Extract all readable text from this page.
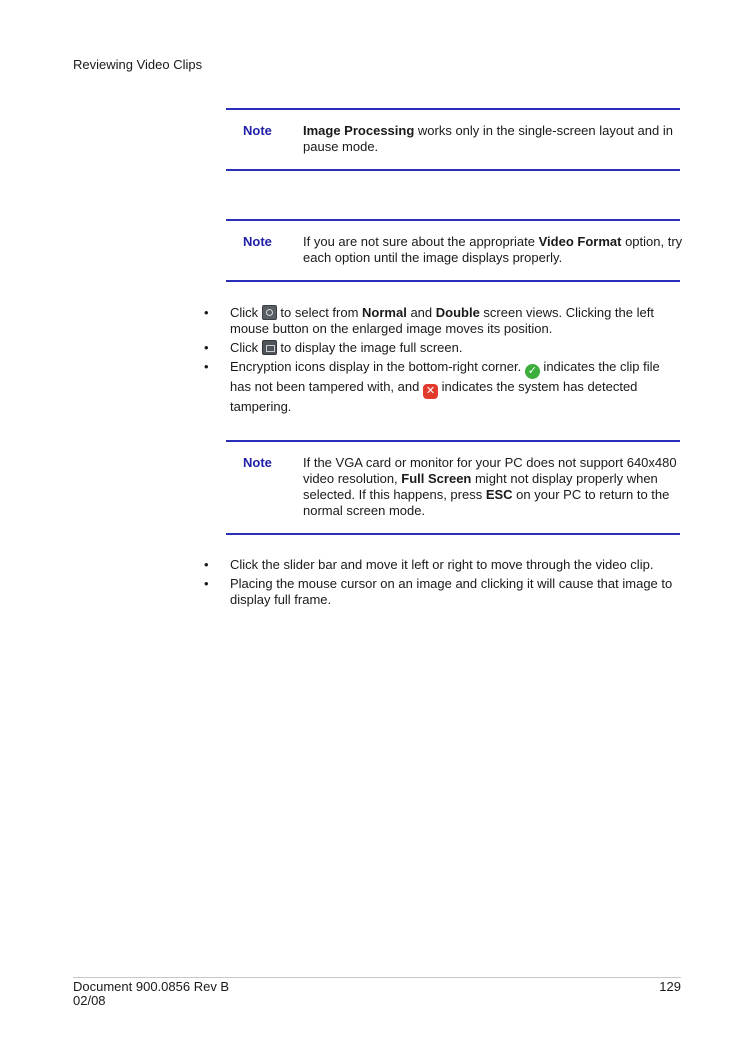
Reviewing Video Clips
Note Image Processing works only in the single-screen layout and in pause mode.
Note If you are not sure about the appropriate Video Format option, try each option until the image displays properly.
• Click  to select from Normal and Double screen views. Clicking the left mouse button on the enlarged image moves its position.
• Click  to display the image full screen.
• Encryption icons display in the bottom-right corner. ✓ indicates the clip file has not been tampered with, and ✕ indicates the system has detected tampering.
Note If the VGA card or monitor for your PC does not support 640x480 video resolution, Full Screen might not display properly when selected. If this happens, press ESC on your PC to return to the normal screen mode.
• Click the slider bar and move it left or right to move through the video clip.
• Placing the mouse cursor on an image and clicking it will cause that image to display full frame.
Document 900.0856 Rev B
02/08
129
